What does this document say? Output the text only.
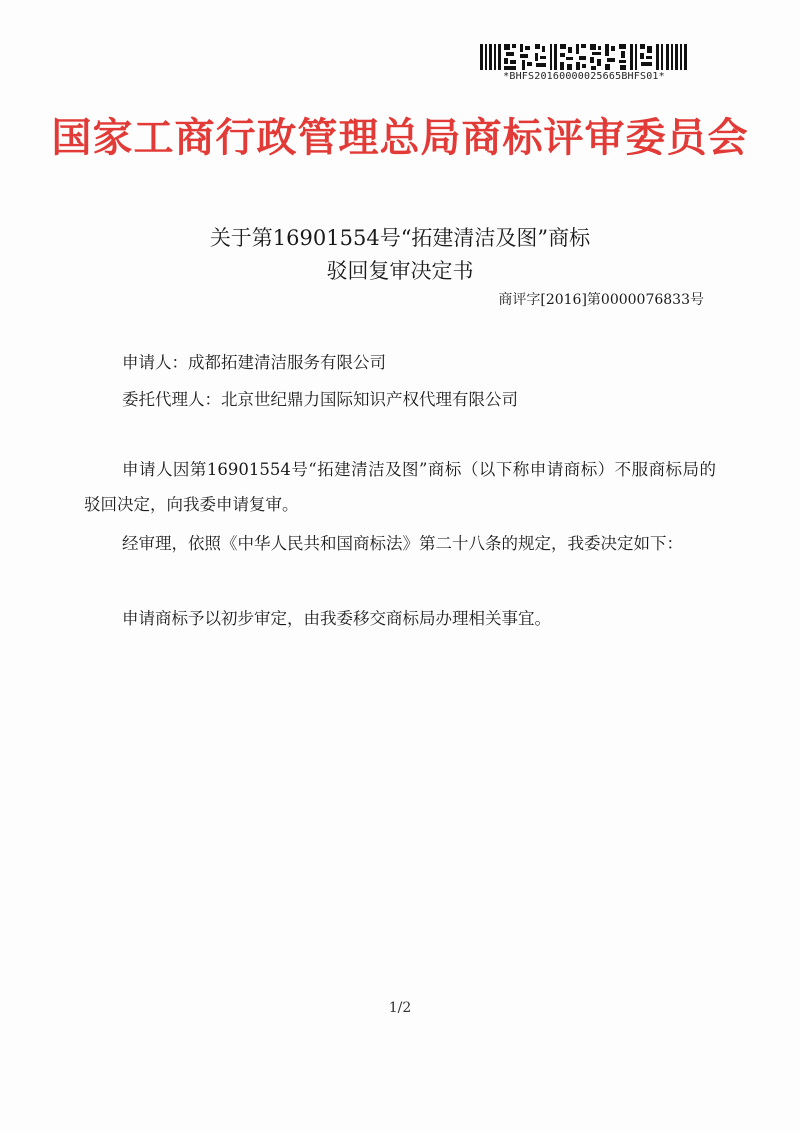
*BHFS20160000025665BHFS01*
国家工商行政管理总局商标评审委员会
关于第16901554号“拓建清洁及图”商标
驳回复审决定书
商评字[2016]第0000076833号
申请人：成都拓建清洁服务有限公司
委托代理人：北京世纪鼎力国际知识产权代理有限公司
申请人因第16901554号“拓建清洁及图”商标（以下称申请商标）不服商标局的驳回决定，向我委申请复审。
经审理，依照《中华人民共和国商标法》第二十八条的规定，我委决定如下：
申请商标予以初步审定，由我委移交商标局办理相关事宜。
1/2
